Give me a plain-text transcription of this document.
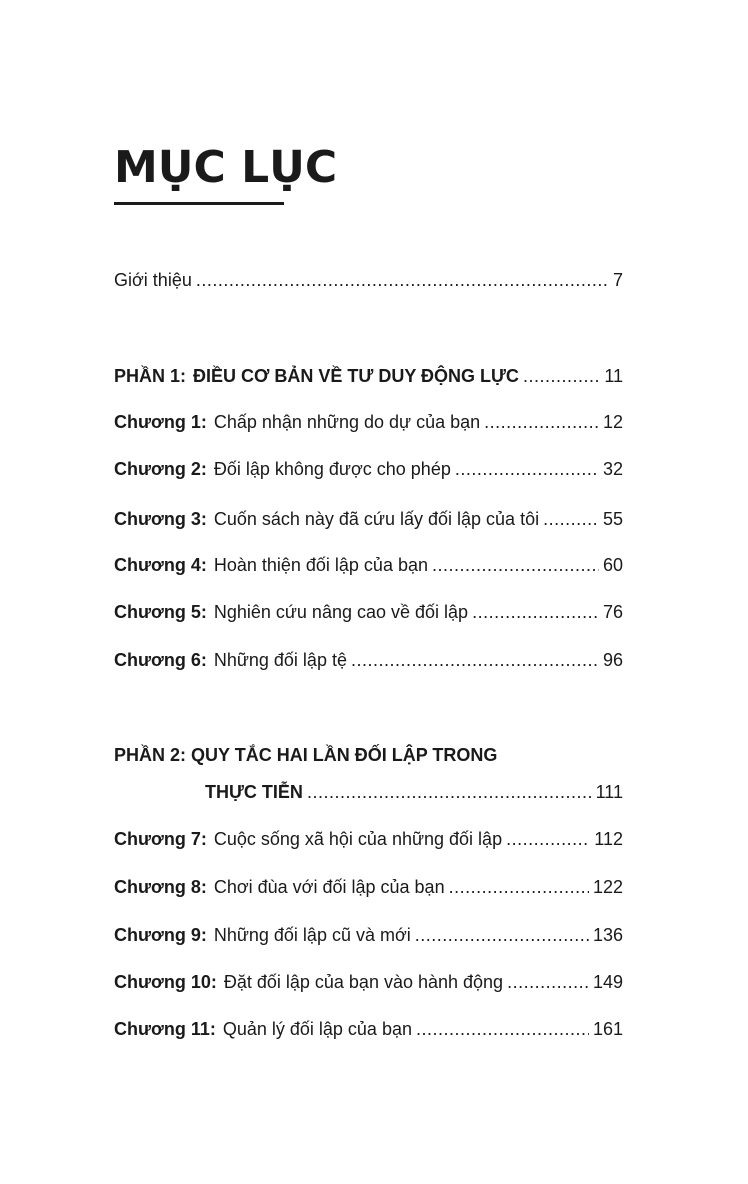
MỤC LỤC
Giới thiệu .....	7
PHẦN 1: ĐIỀU CƠ BẢN VỀ TƯ DUY ĐỘNG LỰC .....	11
Chương 1: Chấp nhận những do dự của bạn .....	12
Chương 2: Đối lập không được cho phép .....	32
Chương 3: Cuốn sách này đã cứu lấy đối lập của tôi .....	55
Chương 4: Hoàn thiện đối lập của bạn .....	60
Chương 5: Nghiên cứu nâng cao về đối lập .....	76
Chương 6: Những đối lập tệ .....	96
PHẦN 2: QUY TẮC HAI LẦN ĐỐI LẬP TRONG
THỰC TIỄN .....	111
Chương 7: Cuộc sống xã hội của những đối lập .....	112
Chương 8: Chơi đùa với đối lập của bạn .....	122
Chương 9: Những đối lập cũ và mới .....	136
Chương 10: Đặt đối lập của bạn vào hành động .....	149
Chương 11: Quản lý đối lập của bạn .....	161
